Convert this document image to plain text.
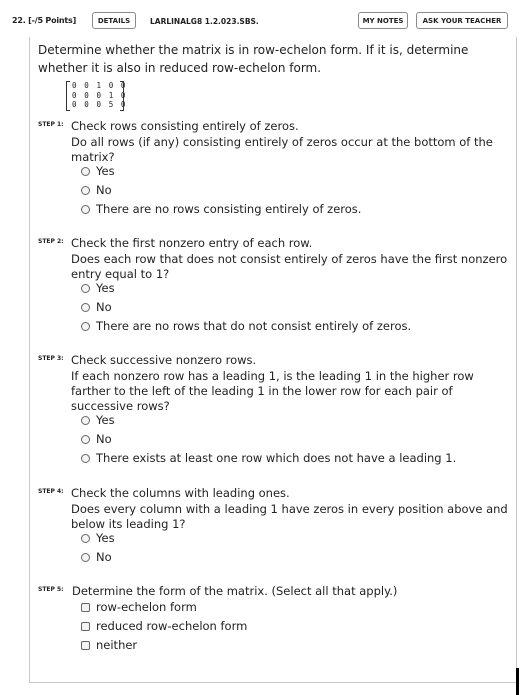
22. [-/5 Points]	DETAILS	LARLINALG8 1.2.023.SBS.	MY NOTES	ASK YOUR TEACHER
Determine whether the matrix is in row-echelon form. If it is, determine whether it is also in reduced row-echelon form.
0 0 1 0 0
0 0 0 1 0
0 0 0 5 0
STEP 1: Check rows consisting entirely of zeros.
Do all rows (if any) consisting entirely of zeros occur at the bottom of the matrix?
Yes
No
There are no rows consisting entirely of zeros.
STEP 2: Check the first nonzero entry of each row.
Does each row that does not consist entirely of zeros have the first nonzero entry equal to 1?
Yes
No
There are no rows that do not consist entirely of zeros.
STEP 3: Check successive nonzero rows.
If each nonzero row has a leading 1, is the leading 1 in the higher row farther to the left of the leading 1 in the lower row for each pair of successive rows?
Yes
No
There exists at least one row which does not have a leading 1.
STEP 4: Check the columns with leading ones.
Does every column with a leading 1 have zeros in every position above and below its leading 1?
Yes
No
STEP 5: Determine the form of the matrix. (Select all that apply.)
row-echelon form
reduced row-echelon form
neither
